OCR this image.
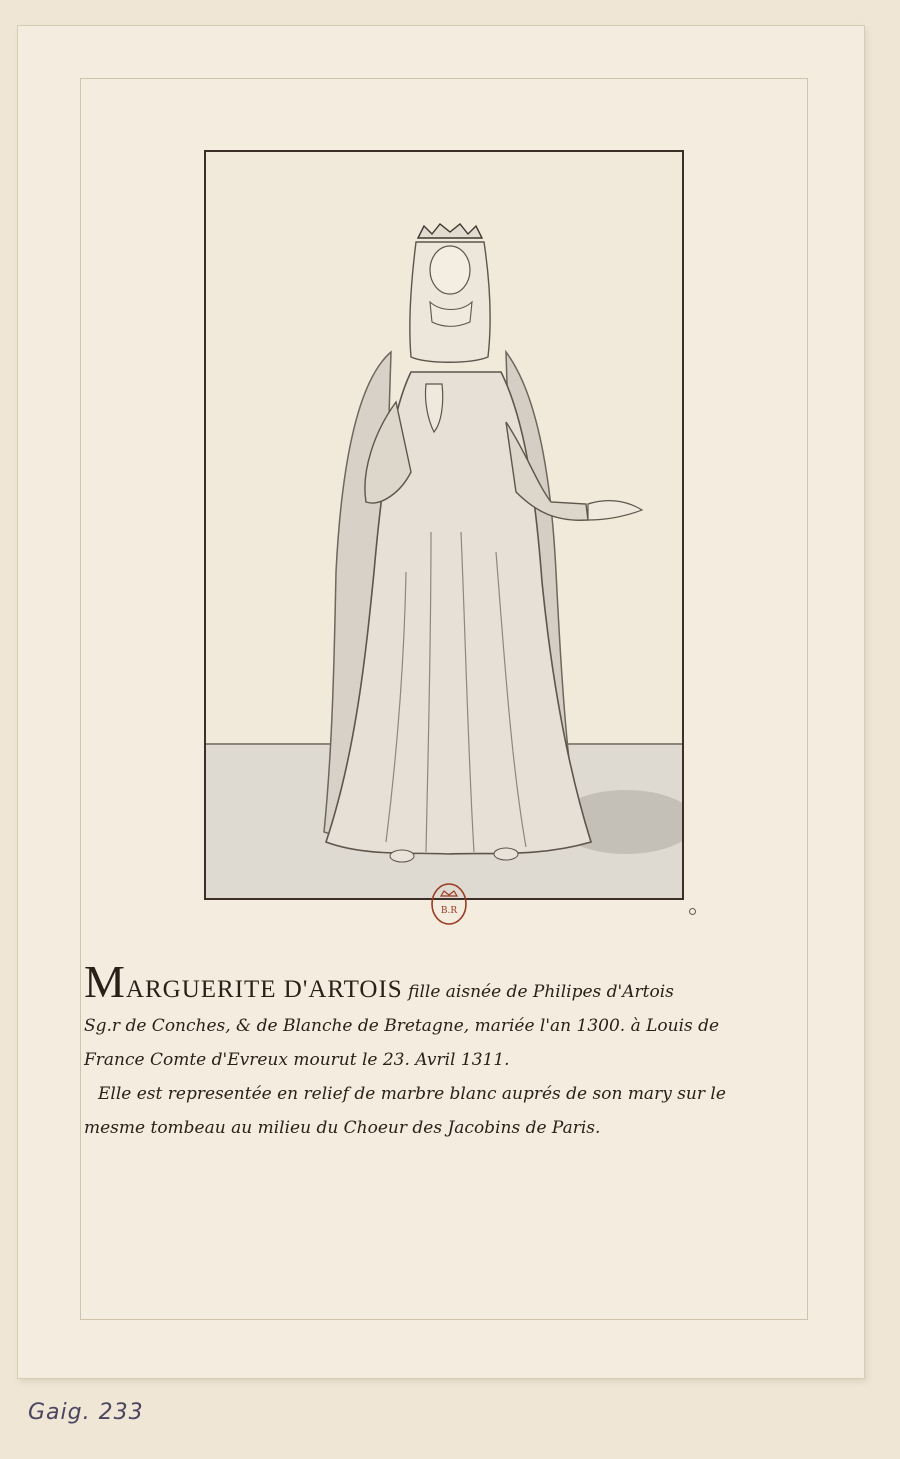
B.R

MARGUERITE D'ARTOIS fille aisnée de Philipes d'Artois
Sg.r de Conches, & de Blanche de Bretagne, mariée l'an 1300. à Louis de
France Comte d'Evreux mourut le 23. Avril 1311.
Elle est representée en relief de marbre blanc auprés de son mary sur le
mesme tombeau au milieu du Choeur des Jacobins de Paris.

Gaig. 233
